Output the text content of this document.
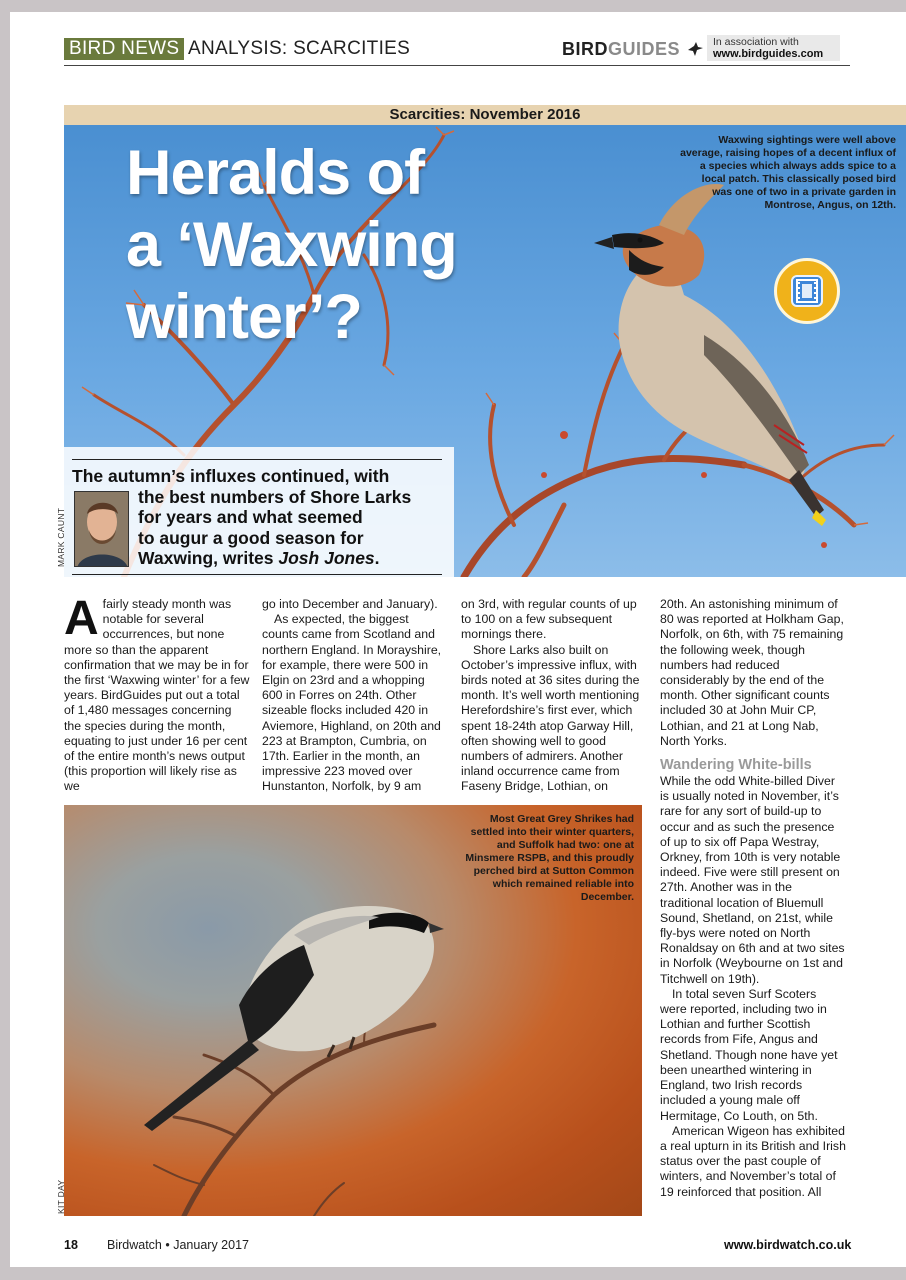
BIRD NEWS ANALYSIS: SCARCITIES	BIRDGUIDES	In association with
www.birdguides.com
Scarcities: November 2016
Heralds of
a ‘Waxwing
winter’?
Waxwing sightings were well above average, raising hopes of a decent influx of a species which always adds spice to a local patch. This classically posed bird was one of two in a private garden in Montrose, Angus, on 12th.
The autumn’s influxes continued, with
the best numbers of Shore Larks
for years and what seemed
to augur a good season for
Waxwing, writes Josh Jones.
MARK CAUNT

Afairly steady month was notable for several occurrences, but none more so than the apparent confirmation that we may be in for the first ‘Waxwing winter’ for a few years. BirdGuides put out a total of 1,480 messages concerning the species during the month, equating to just under 16 per cent of the entire month’s news output (this proportion will likely rise as we

go into December and January).

As expected, the biggest counts came from Scotland and northern England. In Morayshire, for example, there were 500 in Elgin on 23rd and a whopping 600 in Forres on 24th. Other sizeable flocks included 420 in Aviemore, Highland, on 20th and 223 at Brampton, Cumbria, on 17th. Earlier in the month, an impressive 223 moved over Hunstanton, Norfolk, by 9 am

on 3rd, with regular counts of up to 100 on a few subsequent mornings there.

Shore Larks also built on October’s impressive influx, with birds noted at 36 sites during the month. It’s well worth mentioning Herefordshire’s first ever, which spent 18-24th atop Garway Hill, often showing well to good numbers of admirers. Another inland occurrence came from Faseny Bridge, Lothian, on

20th. An astonishing minimum of 80 was reported at Holkham Gap, Norfolk, on 6th, with 75 remaining the following week, though numbers had reduced considerably by the end of the month. Other significant counts included 30 at John Muir CP, Lothian, and 21 at Long Nab, North Yorks.

Wandering White-bills

While the odd White-billed Diver is usually noted in November, it’s rare for any sort of build-up to occur and as such the presence of up to six off Papa Westray, Orkney, from 10th is very notable indeed. Five were still present on 27th. Another was in the traditional location of Bluemull Sound, Shetland, on 21st, while fly-bys were noted on North Ronaldsay on 6th and at two sites in Norfolk (Weybourne on 1st and Titchwell on 19th).

In total seven Surf Scoters were reported, including two in Lothian and further Scottish records from Fife, Angus and Shetland. Though none have yet been unearthed wintering in England, two Irish records included a young male off Hermitage, Co Louth, on 5th.

American Wigeon has exhibited a real upturn in its British and Irish status over the past couple of winters, and November’s total of 19 reinforced that position. All

Most Great Grey Shrikes had settled into their winter quarters, and Suffolk had two: one at Minsmere RSPB, and this proudly perched bird at Sutton Common which remained reliable into December.
KIT DAY
18 Birdwatch • January 2017	www.birdwatch.co.uk
